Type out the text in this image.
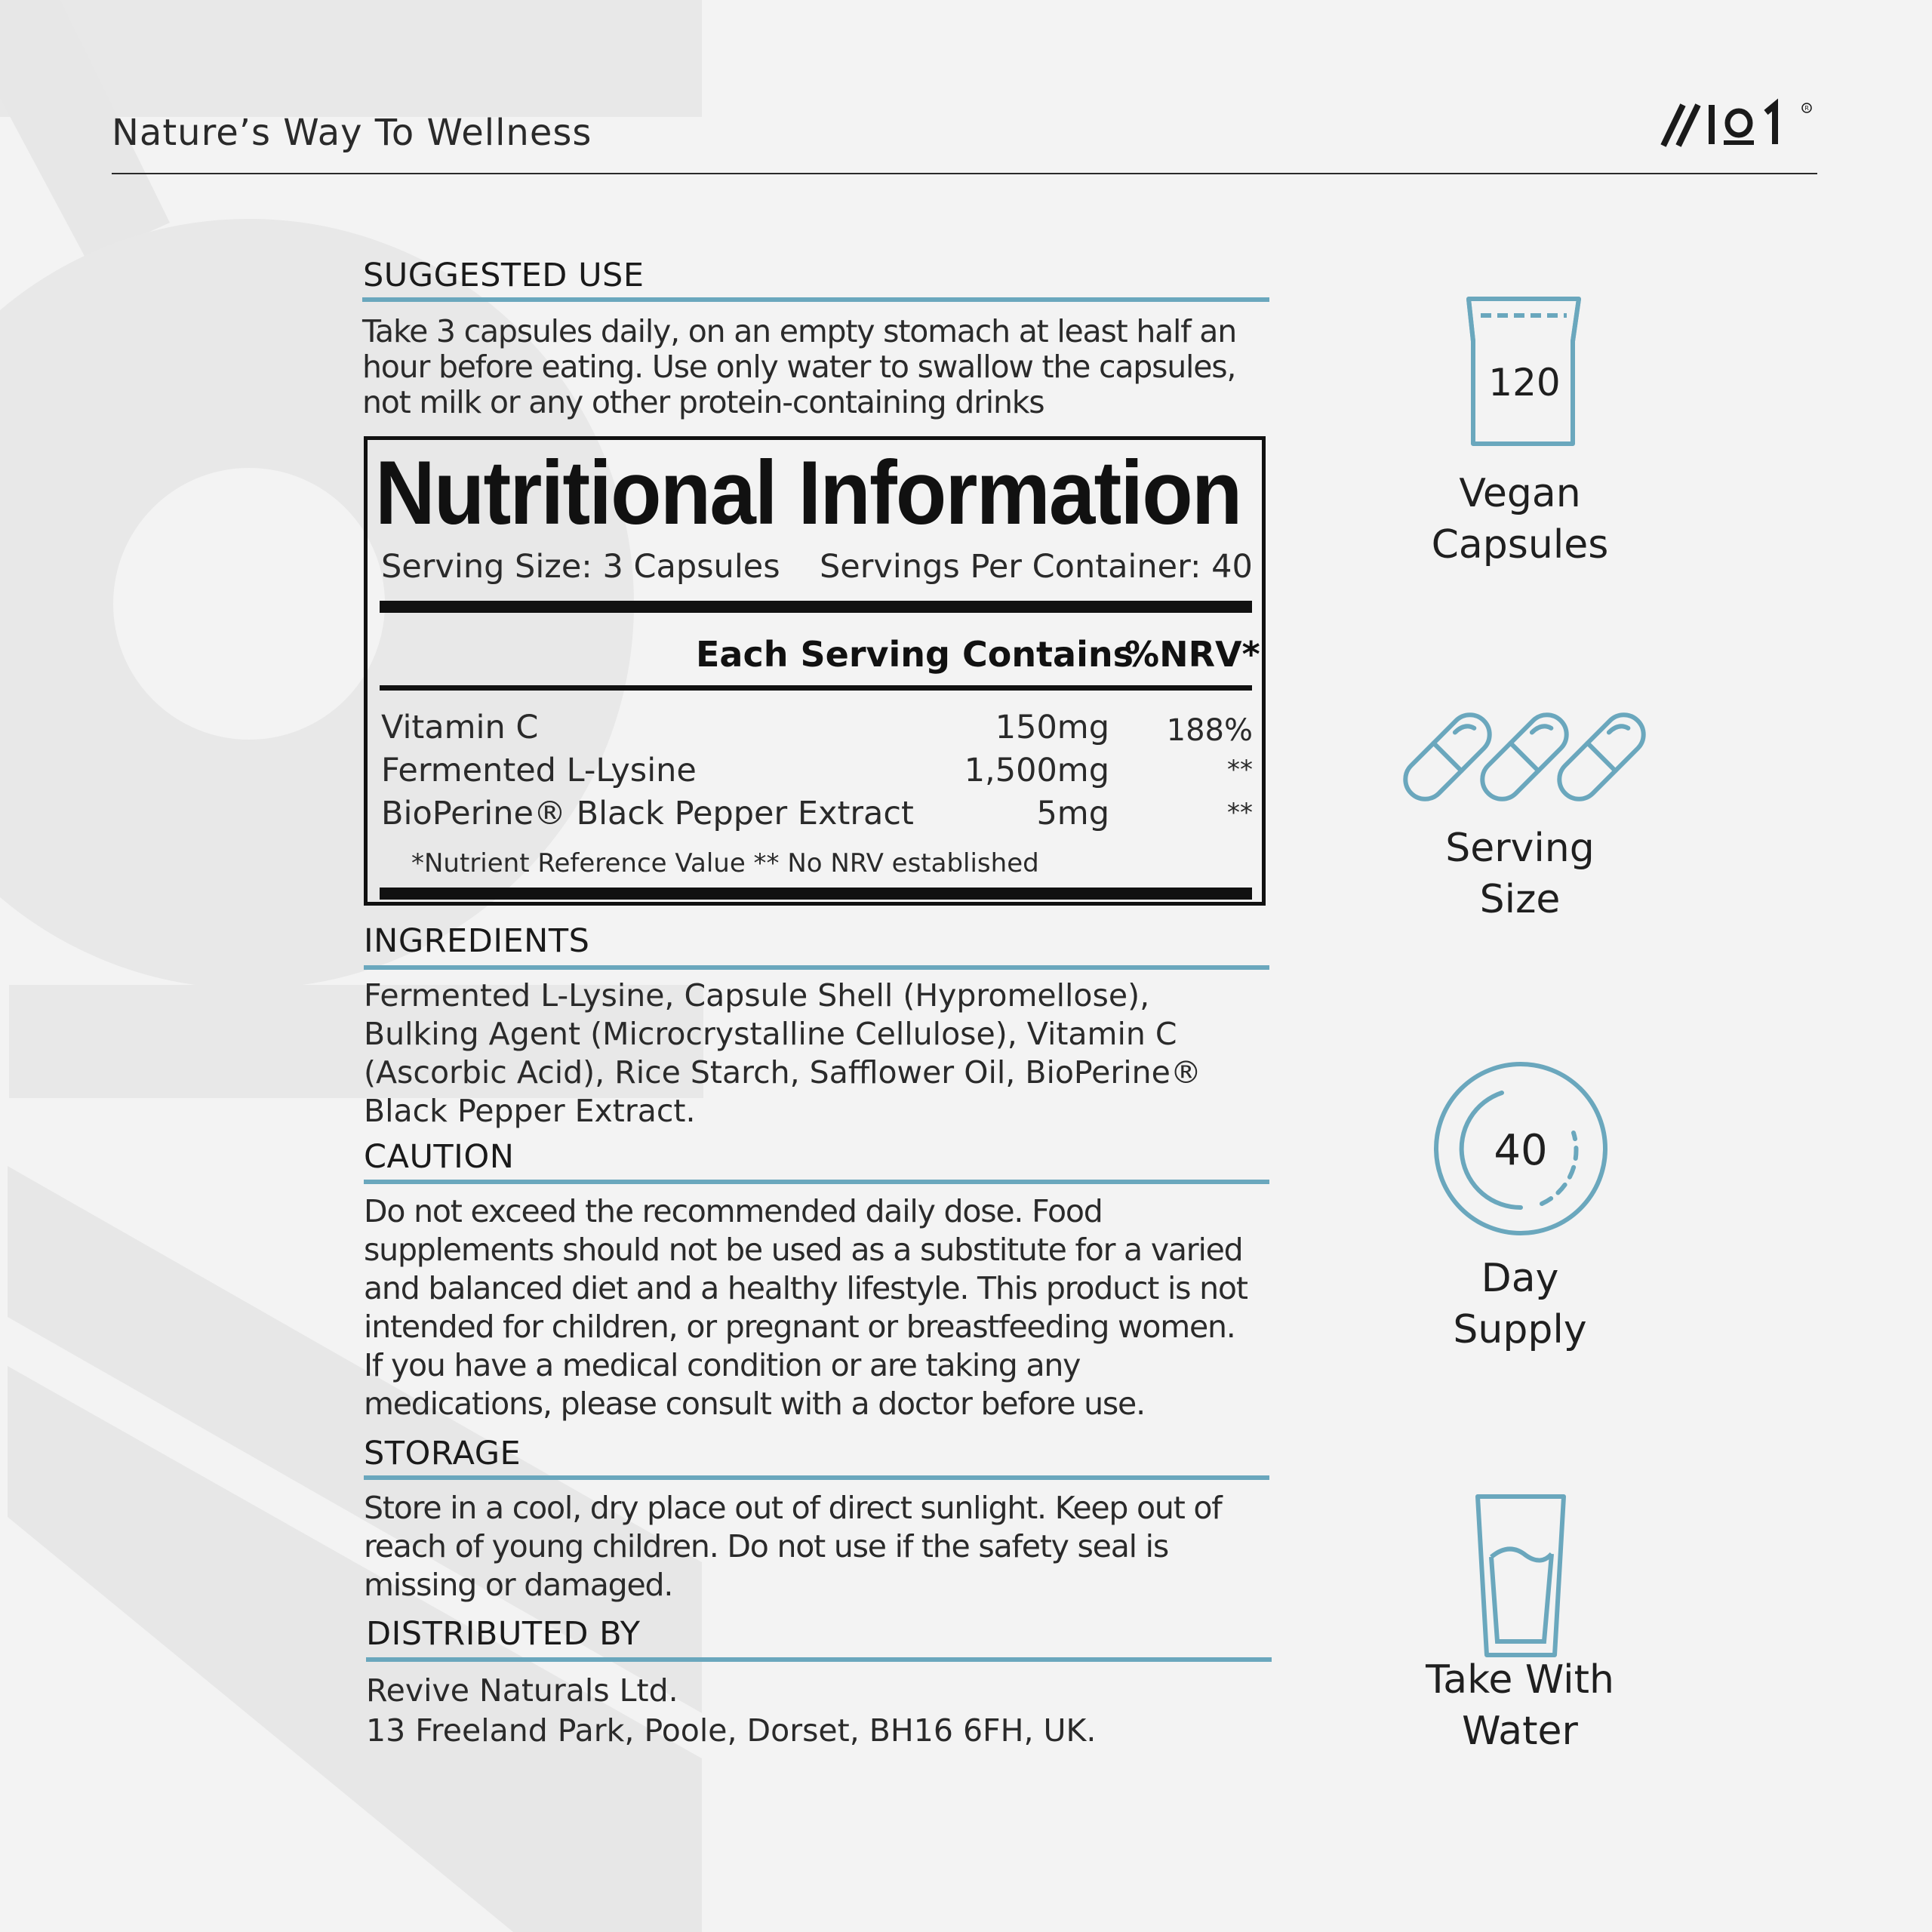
Nature’s Way To Wellness
R
SUGGESTED USE
Take 3 capsules daily, on an empty stomach at least half an
hour before eating. Use only water to swallow the capsules,
not milk or any other protein-containing drinks
Nutritional Information
Serving Size: 3 Capsules Servings Per Container: 40
Each Serving Contains
%NRV*
Vitamin C	150mg	188%
Fermented L-Lysine	1,500mg	**
BioPerine® Black Pepper Extract	5mg	**
*Nutrient Reference Value ** No NRV established
INGREDIENTS
Fermented L-Lysine, Capsule Shell (Hypromellose),
Bulking Agent (Microcrystalline Cellulose), Vitamin C
(Ascorbic Acid), Rice Starch, Safflower Oil, BioPerine®
Black Pepper Extract.
CAUTION
Do not exceed the recommended daily dose. Food
supplements should not be used as a substitute for a varied
and balanced diet and a healthy lifestyle. This product is not
intended for children, or pregnant or breastfeeding women.
If you have a medical condition or are taking any
medications, please consult with a doctor before use.
STORAGE
Store in a cool, dry place out of direct sunlight. Keep out of
reach of young children. Do not use if the safety seal is
missing or damaged.
DISTRIBUTED BY
Revive Naturals Ltd.
13 Freeland Park, Poole, Dorset, BH16 6FH, UK.
120
Vegan
Capsules
Serving
Size
40
Day
Supply
Take With
Water
